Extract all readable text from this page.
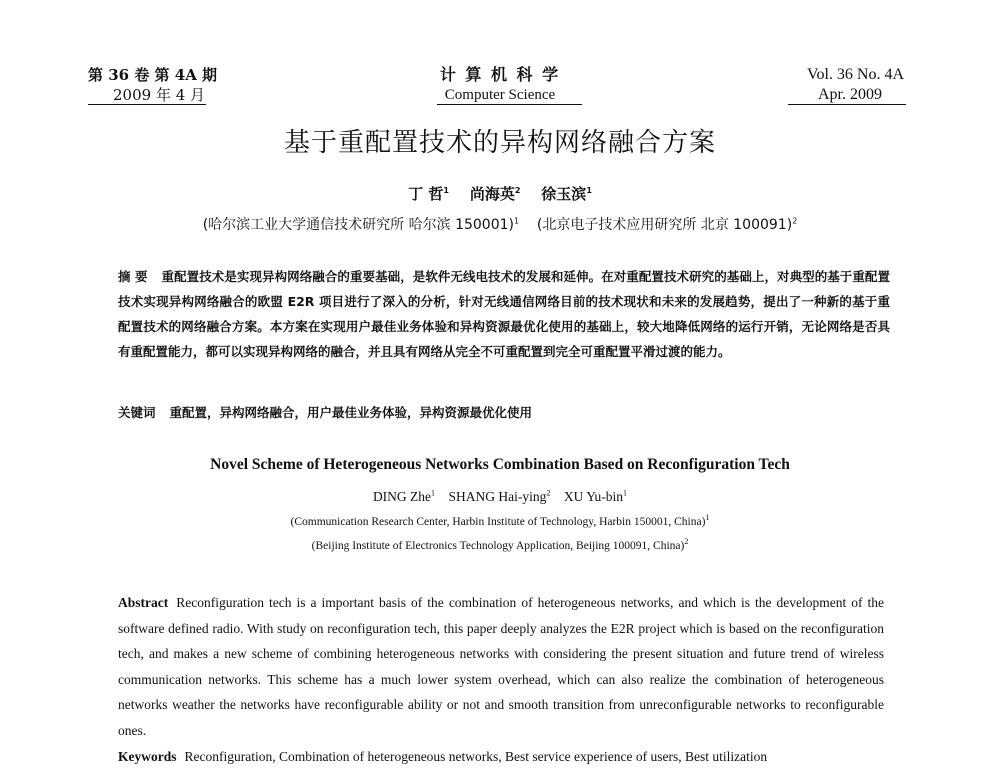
第 36 卷 第 4A 期
2009 年 4 月
计 算 机 科 学
Computer Science
Vol. 36 No. 4A
Apr. 2009
基于重配置技术的异构网络融合方案
丁 哲$^1$ 尚海英$^2$ 徐玉滨$^1$
(哈尔滨工业大学通信技术研究所 哈尔滨 150001)$^1$ (北京电子技术应用研究所 北京 100091)$^2$
摘 要 重配置技术是实现异构网络融合的重要基础，是软件无线电技术的发展和延伸。在对重配置技术研究的基础上，对典型的基于重配置技术实现异构网络融合的欧盟 E2R 项目进行了深入的分析，针对无线通信网络目前的技术现状和未来的发展趋势，提出了一种新的基于重配置技术的网络融合方案。本方案在实现用户最佳业务体验和异构资源最优化使用的基础上，较大地降低网络的运行开销，无论网络是否具有重配置能力，都可以实现异构网络的融合，并且具有网络从完全不可重配置到完全可重配置平滑过渡的能力。
关键词 重配置，异构网络融合，用户最佳业务体验，异构资源最优化使用
Novel Scheme of Heterogeneous Networks Combination Based on Reconfiguration Tech
DING Zhe$^1$ SHANG Hai-ying$^2$ XU Yu-bin$^1$
(Communication Research Center, Harbin Institute of Technology, Harbin 150001, China)$^1$
(Beijing Institute of Electronics Technology Application, Beijing 100091, China)$^2$
Abstract Reconfiguration tech is a important basis of the combination of heterogeneous networks, and which is the development of the software defined radio. With study on reconfiguration tech, this paper deeply analyzes the E2R project which is based on the reconfiguration tech, and makes a new scheme of combining heterogeneous networks with considering the present situation and future trend of wireless communication networks. This scheme has a much lower system overhead, which can also realize the combination of heterogeneous networks weather the networks have reconfigurable ability or not and smooth transition from unreconfigurable networks to reconfigurable ones.
Keywords Reconfiguration, Combination of heterogeneous networks, Best service experience of users, Best utilization
